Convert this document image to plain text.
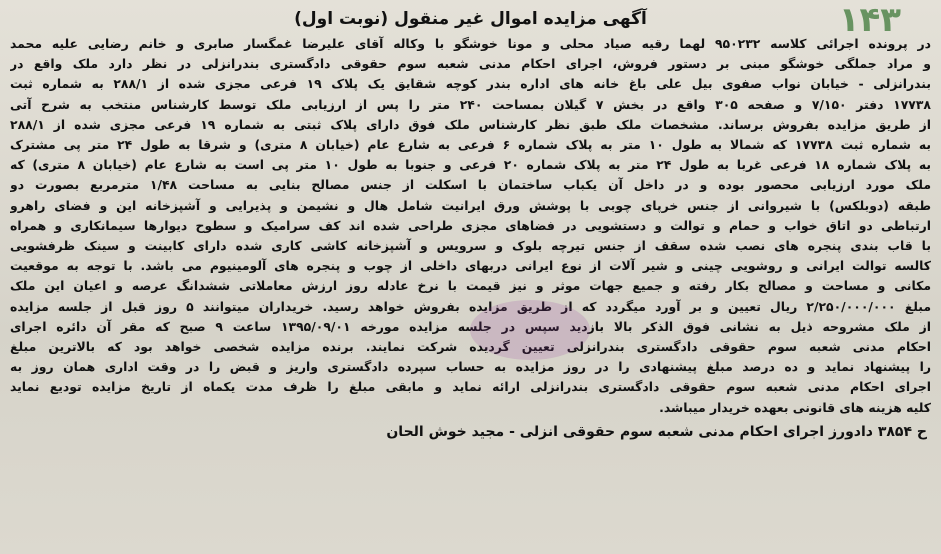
۱۴۳
آگهی مزایده اموال غیر منقول (نوبت اول)
در پرونده اجرائی کلاسه ۹۵۰۲۳۲ لهما رقیه صیاد محلی و مونا خوشگو با وکاله آقای علیرضا غمگسار صابری و خانم رضایی علیه محمد
و مراد جملگی خوشگو مبنی بر دستور فروش، اجرای احکام مدنی شعبه سوم حقوقی دادگستری بندرانزلی در نظر دارد ملک واقع در
بندرانزلی - خیابان نواب صفوی بیل علی باغ خانه های اداره بندر کوچه شقایق یک پلاک ۱۹ فرعی مجزی شده از ۲۸۸/۱ به شماره ثبت
۱۷۷۳۸ دفتر ۷/۱۵۰ و صفحه ۳۰۵ واقع در بخش ۷ گیلان بمساحت ۲۴۰ متر را پس از ارزیابی ملک توسط کارشناس منتخب به شرح آتی
از طریق مزایده بفروش برساند. مشخصات ملک طبق نظر کارشناس ملک فوق دارای پلاک ثبتی به شماره ۱۹ فرعی مجزی شده از ۲۸۸/۱
به شماره ثبت ۱۷۷۳۸ که شمالا به طول ۱۰ متر به پلاک شماره ۶ فرعی به شارع عام (خیابان ۸ متری) و شرقا به طول ۲۴ متر پی مشترک
به پلاک شماره ۱۸ فرعی غربا به طول ۲۴ متر به پلاک شماره ۲۰ فرعی و جنوبا به طول ۱۰ متر پی است به شارع عام (خیابان ۸ متری) که
ملک مورد ارزیابی محصور بوده و در داخل آن یکباب ساختمان با اسکلت از جنس مصالح بنایی به مساحت ۱/۴۸ مترمربع بصورت دو
طبقه (دوبلکس) با شیروانی از جنس خرپای چوبی با پوشش ورق ایرانیت شامل هال و نشیمن و پذیرایی و آشپزخانه این و فضای راهرو
ارتباطی دو اتاق خواب و حمام و توالت و دستشویی در فضاهای مجزی طراحی شده اند کف سرامیک و سطوح دیوارها سیمانکاری و همراه
با قاب بندی پنجره های نصب شده سقف از جنس تیرچه بلوک و سرویس و آشپزخانه کاشی کاری شده دارای کابینت و سینک ظرفشویی
کالسه توالت ایرانی و روشویی چینی و شیر آلات از نوع ایرانی دربهای داخلی از چوب و پنجره های آلومینیوم می باشد. با توجه به موقعیت
مکانی و مساحت و مصالح بکار رفته و جمیع جهات موثر و نیز قیمت با نرخ عادله روز ارزش معاملاتی ششدانگ عرصه و اعیان این ملک
مبلغ ۲/۲۵۰/۰۰۰/۰۰۰ ریال تعیین و بر آورد میگردد که از طریق مزایده بفروش خواهد رسید. خریداران میتوانند ۵ روز قبل از جلسه مزایده
از ملک مشروحه ذیل به نشانی فوق الذکر بالا بازدید سپس در جلسه مزایده مورخه ۱۳۹۵/۰۹/۰۱ ساعت ۹ صبح که مقر آن دائره اجرای
احکام مدنی شعبه سوم حقوقی دادگستری بندرانزلی تعیین گردیده شرکت نمایند. برنده مزایده شخصی خواهد بود که بالاترین مبلغ
را پیشنهاد نماید و ده درصد مبلغ پیشنهادی را در روز مزایده به حساب سپرده دادگستری واریز و قبض را در وقت اداری همان روز به
اجرای احکام مدنی شعبه سوم حقوقی دادگستری بندرانزلی ارائه نماید و مابقی مبلغ را ظرف مدت یکماه از تاریخ مزایده تودیع نماید
کلیه هزینه های قانونی بعهده خریدار میباشد.
ح ۳۸۵۴ دادورز اجرای احکام مدنی شعبه سوم حقوقی انزلی - مجید خوش الحان
